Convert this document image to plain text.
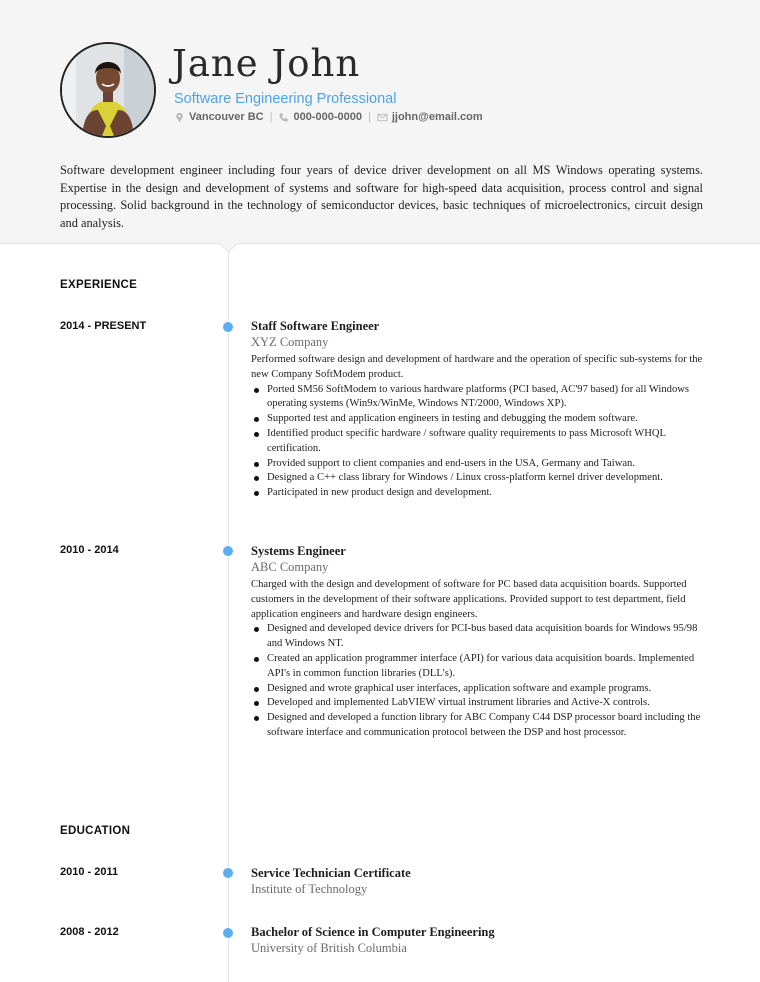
Jane John
Software Engineering Professional
Vancouver BC | 000-000-0000 | jjohn@email.com
Software development engineer including four years of device driver development on all MS Windows operating systems. Expertise in the design and development of systems and software for high-speed data acquisition, process control and signal processing. Solid background in the technology of semiconductor devices, basic techniques of microelectronics, circuit design and analysis.
EXPERIENCE
2014 - PRESENT	Staff Software Engineer
XYZ Company
Performed software design and development of hardware and the operation of specific sub-systems for the new Company SoftModem product.
Ported SM56 SoftModem to various hardware platforms (PCI based, AC'97 based) for all Windows operating systems (Win9x/WinMe, Windows NT/2000, Windows XP).
Supported test and application engineers in testing and debugging the modem software.
Identified product specific hardware / software quality requirements to pass Microsoft WHQL certification.
Provided support to client companies and end-users in the USA, Germany and Taiwan.
Designed a C++ class library for Windows / Linux cross-platform kernel driver development.
Participated in new product design and development.
2010 - 2014	Systems Engineer
ABC Company
Charged with the design and development of software for PC based data acquisition boards. Supported customers in the development of their software applications. Provided support to test department, field application engineers and hardware design engineers.
Designed and developed device drivers for PCI-bus based data acquisition boards for Windows 95/98 and Windows NT.
Created an application programmer interface (API) for various data acquisition boards. Implemented API's in common function libraries (DLL's).
Designed and wrote graphical user interfaces, application software and example programs.
Developed and implemented LabVIEW virtual instrument libraries and Active-X controls.
Designed and developed a function library for ABC Company C44 DSP processor board including the software interface and communication protocol between the DSP and host processor.
EDUCATION
2010 - 2011	Service Technician Certificate
Institute of Technology
2008 - 2012	Bachelor of Science in Computer Engineering
University of British Columbia
